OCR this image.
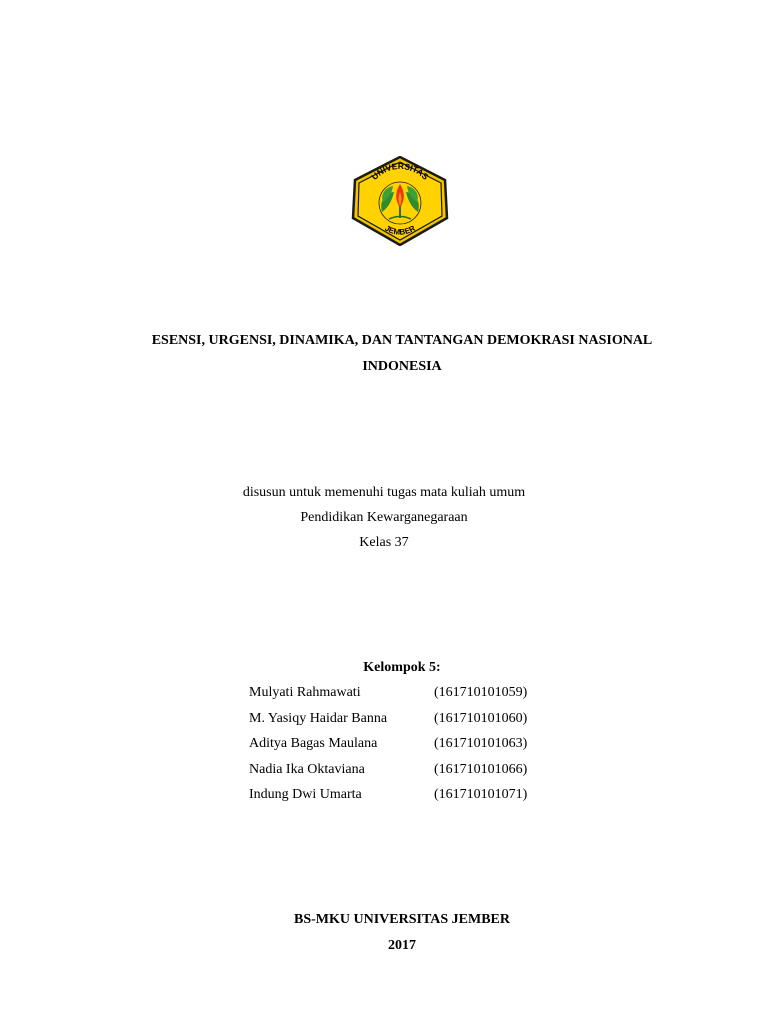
UNIVERSITAS
JEMBER
ESENSI, URGENSI, DINAMIKA, DAN TANTANGAN DEMOKRASI NASIONAL
INDONESIA
disusun untuk memenuhi tugas mata kuliah umum
Pendidikan Kewarganegaraan
Kelas 37
Kelompok 5:
Mulyati Rahmawati	(161710101059)
M. Yasiqy Haidar Banna	(161710101060)
Aditya Bagas Maulana	(161710101063)
Nadia Ika Oktaviana	(161710101066)
Indung Dwi Umarta	(161710101071)
BS-MKU UNIVERSITAS JEMBER
2017
